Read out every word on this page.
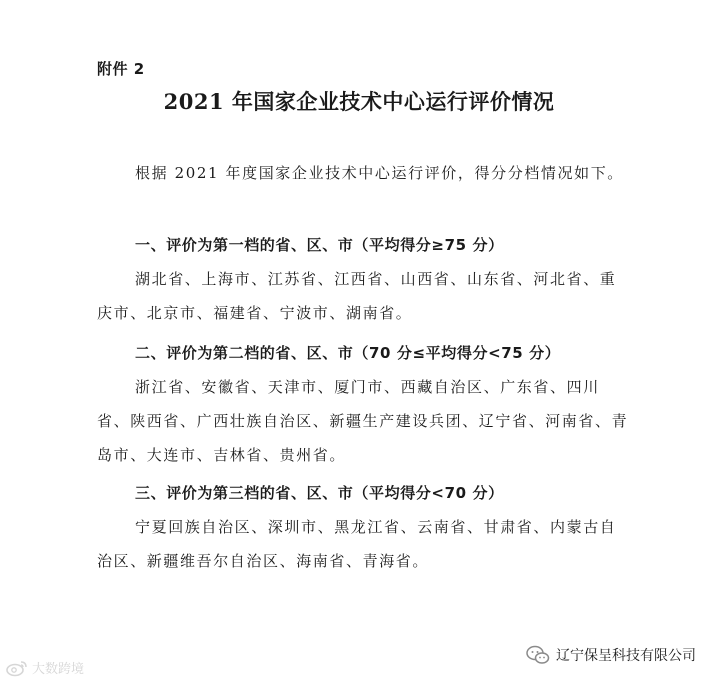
附件 2
2021 年国家企业技术中心运行评价情况

根据 2021 年度国家企业技术中心运行评价，得分分档情况如下。

一、评价为第一档的省、区、市（平均得分≥75 分）

湖北省、上海市、江苏省、江西省、山西省、山东省、河北省、重庆市、北京市、福建省、宁波市、湖南省。

二、评价为第二档的省、区、市（70 分≤平均得分<75 分）

浙江省、安徽省、天津市、厦门市、西藏自治区、广东省、四川省、陕西省、广西壮族自治区、新疆生产建设兵团、辽宁省、河南省、青岛市、大连市、吉林省、贵州省。

三、评价为第三档的省、区、市（平均得分<70 分）

宁夏回族自治区、深圳市、黑龙江省、云南省、甘肃省、内蒙古自治区、新疆维吾尔自治区、海南省、青海省。

大数跨境
辽宁保呈科技有限公司
